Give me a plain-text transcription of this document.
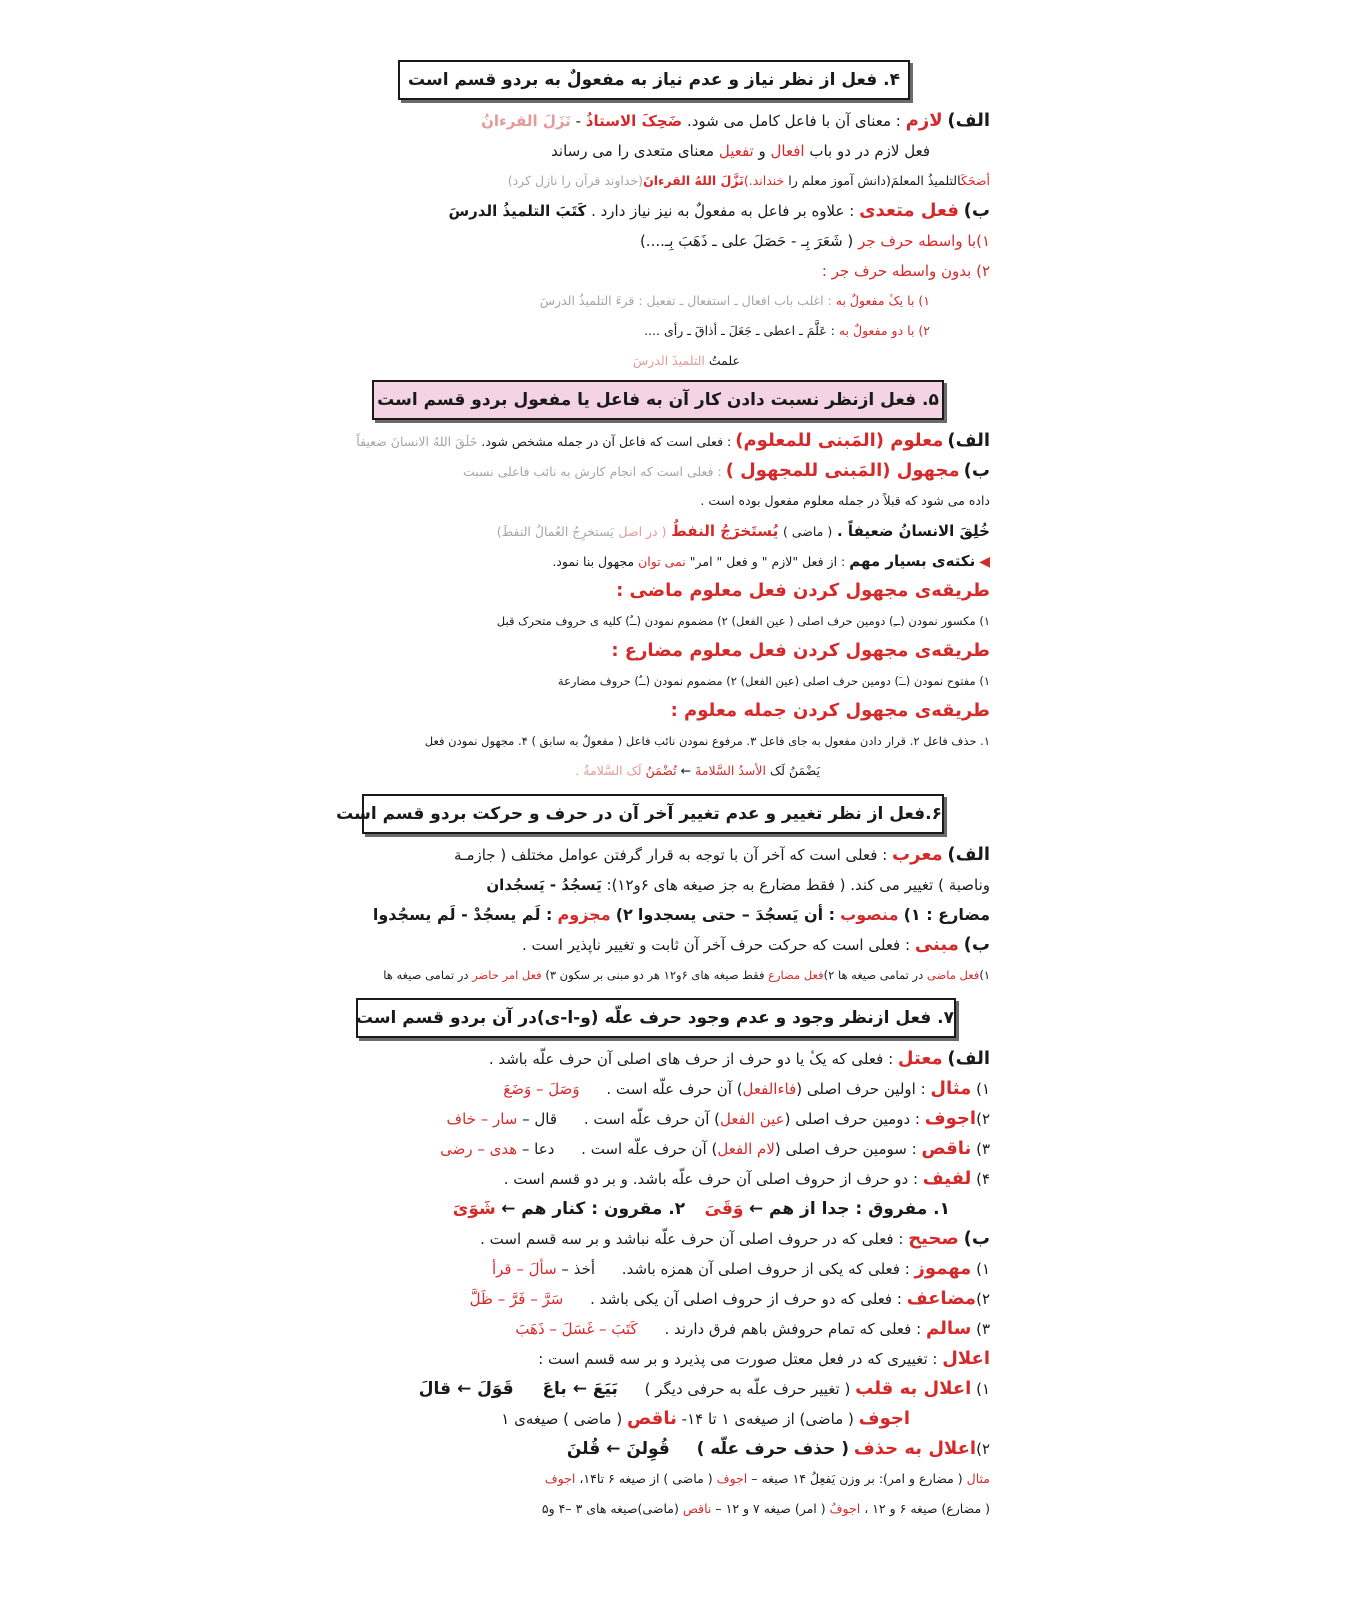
۴. فعل از نظر نیاز و عدم نیاز به مفعولٌ به بردو قسم است
الف) لازم : معنای آن با فاعل کامل می شود. ضَحِکَ الاستاذُ - نَزَلَ القرءانُ
فعل لازم در دو باب افعال و تفعیل معنای متعدی را می رساند
أضحَکَالتلمیذُ المعلمَ(دانش آموز معلم را خنداند.)نَزَّلَ اللهُ القرءانَ(خداوند قرآن را نازل کرد)
ب) فعل متعدی : علاوه بر فاعل به مفعولٌ به نیز نیاز دارد . کَتَبَ التلمیذُ الدرسَ
۱)با واسطه حرف جر ( شَعَرَ بِـ - حَصَلَ علی ـ ذَهَبَ بِـ....)
۲) بدون واسطه حرف جر :
۱) با یکٔ مفعولٌ به : اغلب باب افعال ـ استفعال ـ تفعیل : قرءَ التلمیذُ الدرسَ
۲) با دو مفعولٌ به : عَلَّمَ ـ اعطی ـ جَعَلَ ـ أذاقَ ـ رأی ....
علمتُ التلمیذَ الدرسَ
۵. فعل ازنظر نسبت دادن کار آن به فاعل یا مفعول بردو قسم است
الف) معلوم (المَبنی للمعلوم) : فعلی است که فاعل آن در جمله مشخص شود. خَلَقَ اللهُ الانسانَ ضعیفاً
ب) مجهول (المَبنی للمجهول ) : فعلی است که انجام کارش به نائب فاعلی نسبت
داده می شود که قبلاً در جمله معلوم مفعول بوده است .
خُلِقَ الانسانُ ضعیفاً . ( ماضی ) یُستَخرَجُ النفطُ ( در اصل یَستخرِجُ العُمالُ النفطَ)
◀ نکته‌ی بسیار مهم : از فعل "لازم " و فعل " امر" نمی توان مجهول بنا نمود.
طریقه‌ی مجهول کردن فعل معلوم ماضی :
۱) مکسور نمودن (ــِ) دومین حرف اصلی ( عین الفعل) ۲) مضموم نمودن (ــُ) کلیه ی حروف متحرک قبل
طریقه‌ی مجهول کردن فعل معلوم مضارع :
۱) مفتوح نمودن (ــَ) دومین حرف اصلی (عین الفعل) ۲) مضموم نمودن (ــُ) حروف مضارعة
طریقه‌ی مجهول کردن جمله معلوم :
۱. حذف فاعل ۲. قرار دادن مفعول به جای فاعل ۳. مرفوع نمودن نائب فاعل ( مفعولٌ به سابق ) ۴. مجهول نمودن فعل
یَضْمَنُ لَک الأسدُ السَّلامةَ ← تُضْمَنُ لَک السَّلامةُ .
۶.فعل از نظر تغییر و عدم تغییر آخر آن در حرف و حرکت بردو قسم است
الف) معرب : فعلی است که آخر آن با توجه به قرار گرفتن عوامل مختلف ( جازمـة
وناصبة ) تغییر می کند. ( فقط مضارع به جز صیغه های ۶و۱۲): یَسجُدُ - یَسجُدان
مضارع : ۱) منصوب : أن یَسجُدَ – حتی یسجدوا ۲) مجزوم : لَم یسجُدْ - لَم یسجُدوا
ب) مبنی : فعلی است که حرکت حرف آخر آن ثابت و تغییر ناپذیر است .
۱)فعل ماضی در تمامی صیغه ها ۲)فعل مضارع فقط صیغه های ۶و۱۲ هر دو مبنی بر سکون ۳) فعل امر حاضر در تمامی صیغه ها
۷. فعل ازنظر وجود و عدم وجود حرف علّه (و-ا-ی)در آن بردو قسم است
الف) معتل : فعلی که یکٔ یا دو حرف از حرف های اصلی آن حرف علّه باشد .
۱) مثال : اولین حرف اصلی (فاءالفعل) آن حرف علّه است . وَصَلَ – وَضَعَ
۲)اجوف : دومین حرف اصلی (عین الفعل) آن حرف علّه است . قال – سار – خاف
۳) ناقص : سومین حرف اصلی (لام الفعل) آن حرف علّه است . دعا – هدی – رضی
۴) لفیف : دو حرف از حروف اصلی آن حرف علّه باشد. و بر دو قسم است .
۱. مفروق : جدا از هم ← وَقَیَ ۲. مقرون : کنار هم ← شَوَیَ
ب) صحیح : فعلی که در حروف اصلی آن حرف علّه نباشد و بر سه قسم است .
۱) مهموز : فعلی که یکی از حروف اصلی آن همزه باشد. أخذ – سألَ – قرأ
۲)مضاعف : فعلی که دو حرف از حروف اصلی آن یکی باشد . سَرَّ – فَرَّ – ظَلَّ
۳) سالم : فعلی که تمام حروفش باهم فرق دارند . کَتَبَ – غَسَلَ – ذَهَبَ
اعلال : تغییری که در فعل معتل صورت می پذیرد و بر سه قسم است :
۱) اعلال به قلب ( تغییر حرف علّه به حرفی دیگر ) بَیَعَ ← باعَ قَوَلَ ← قالَ
اجوف ( ماضی) از صیغه‌ی ۱ تا ۱۴- ناقص ( ماضی ) صیغه‌ی ۱
۲)اعلال به حذف ( حذف حرف علّه ) قُوِلنَ ← قُلنَ
مثال ( مضارع و امر): بر وزن یَفعِلُ ۱۴ صیغه – اجوف ( ماضی ) از صیغه ۶ تا۱۴، اجوف
( مضارع) صیغه ۶ و ۱۲ ، اجوفُ ( امر) صیغه ۷ و ۱۲ – ناقص (ماضی)صیغه های ۳ –۴ و۵
